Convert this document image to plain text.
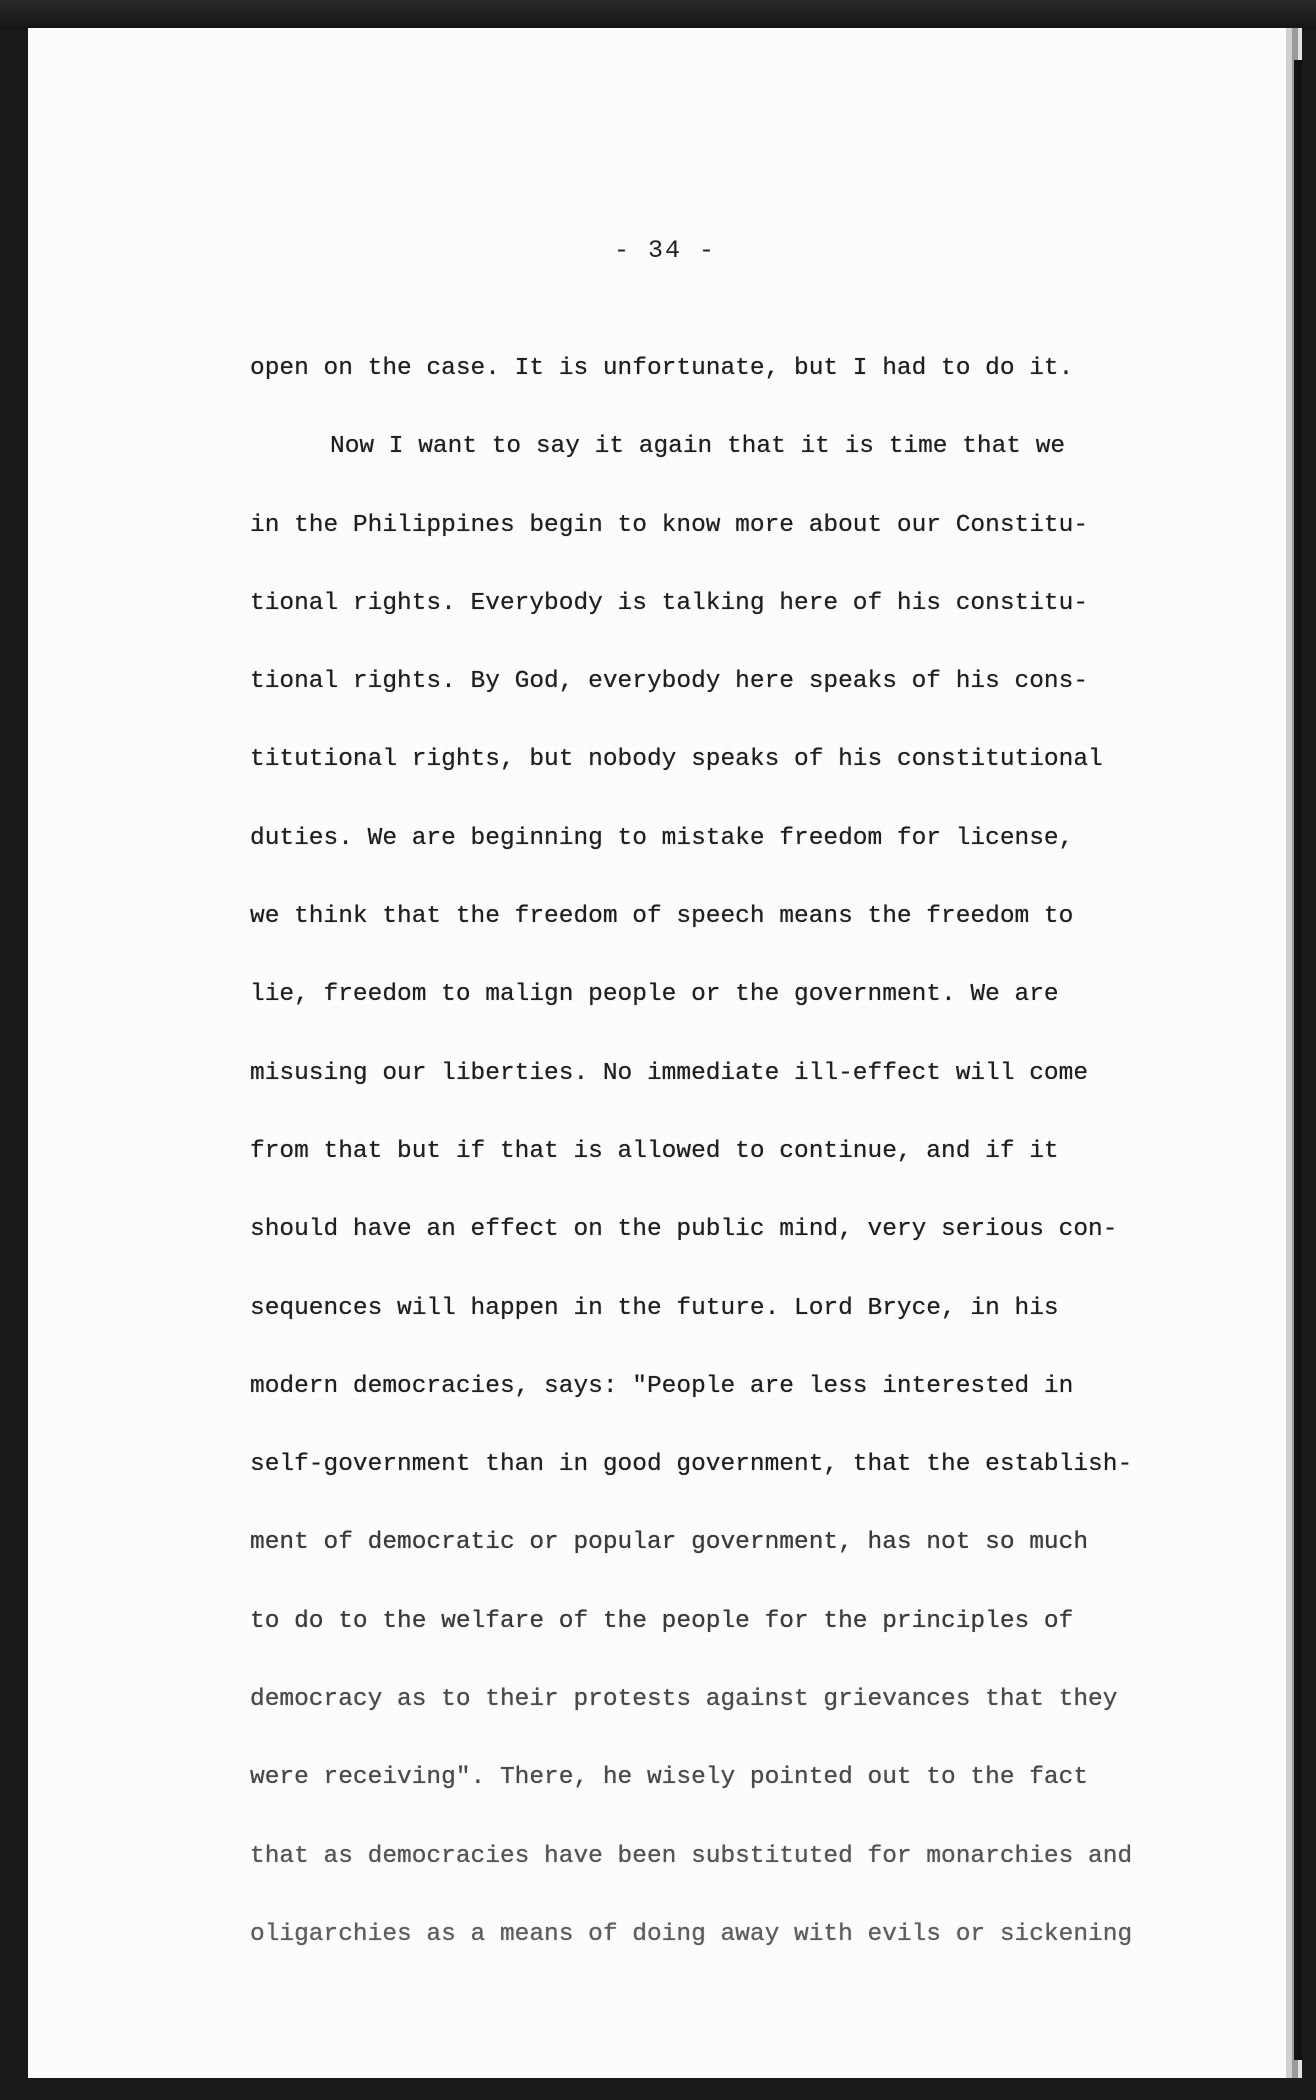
- 34 -
open on the case. It is unfortunate, but I had to do it.
Now I want to say it again that it is time that we
in the Philippines begin to know more about our Constitu-
tional rights. Everybody is talking here of his constitu-
tional rights. By God, everybody here speaks of his cons-
titutional rights, but nobody speaks of his constitutional
duties. We are beginning to mistake freedom for license,
we think that the freedom of speech means the freedom to
lie, freedom to malign people or the government. We are
misusing our liberties. No immediate ill-effect will come
from that but if that is allowed to continue, and if it
should have an effect on the public mind, very serious con-
sequences will happen in the future. Lord Bryce, in his
modern democracies, says: "People are less interested in
self-government than in good government, that the establish-
ment of democratic or popular government, has not so much
to do to the welfare of the people for the principles of
democracy as to their protests against grievances that they
were receiving". There, he wisely pointed out to the fact
that as democracies have been substituted for monarchies and
oligarchies as a means of doing away with evils or sickening
